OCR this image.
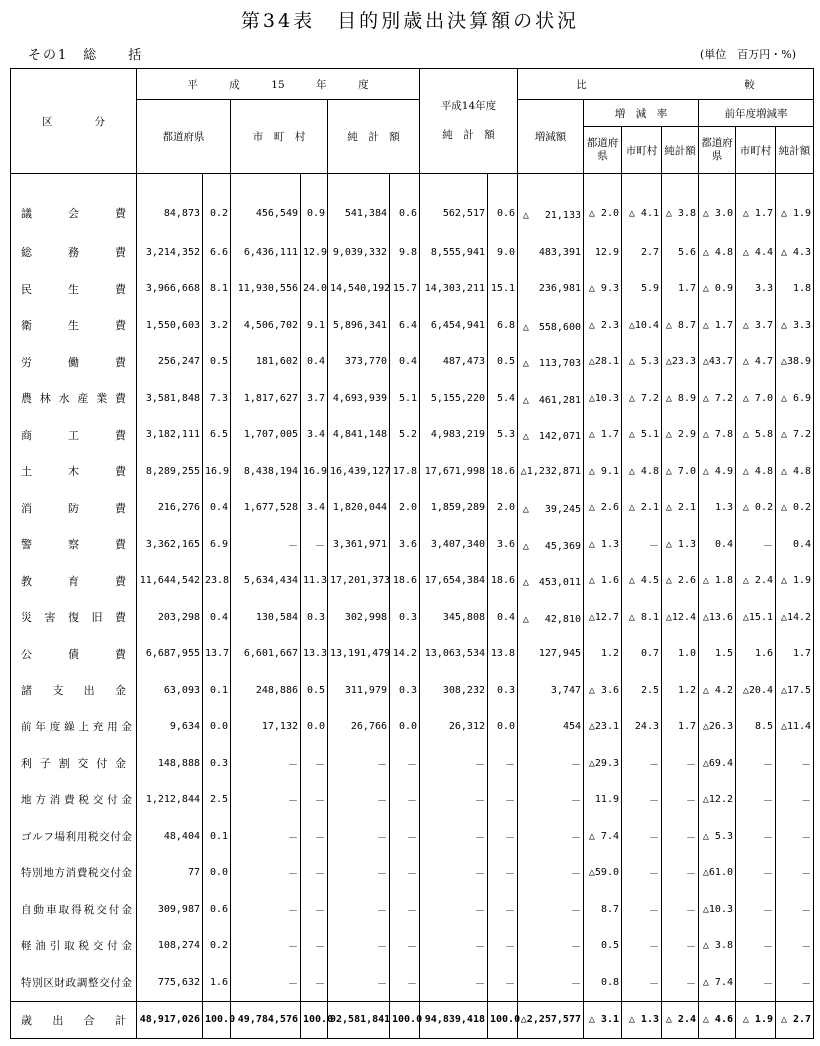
第34表　目的別歳出決算額の状況
その1　総　　括	(単位　百万円・%)
区　　　　分	平　　　成　　　15　　　年　　　度						平成14年度
純　計　額		比　　　　　　　　　　　　　　　較						
	都道府県		市　町　村		純　計　額				増減額	増　減　率			前年度増減率		
										都道府県	市町村	純計額	都道府県	市町村	純計額
議会費	84,873	0.2	456,549	0.9	541,384	0.6	562,517	0.6	△　 21,133	△ 2.0	△ 4.1	△ 3.8	△ 3.0	△ 1.7	△ 1.9
総務費	3,214,352	6.6	6,436,111	12.9	9,039,332	9.8	8,555,941	9.0	483,391	12.9	2.7	5.6	△ 4.8	△ 4.4	△ 4.3
民生費	3,966,668	8.1	11,930,556	24.0	14,540,192	15.7	14,303,211	15.1	236,981	△ 9.3	5.9	1.7	△ 0.9	3.3	1.8
衛生費	1,550,603	3.2	4,506,702	9.1	5,896,341	6.4	6,454,941	6.8	△　558,600	△ 2.3	△10.4	△ 8.7	△ 1.7	△ 3.7	△ 3.3
労働費	256,247	0.5	181,602	0.4	373,770	0.4	487,473	0.5	△　113,703	△28.1	△ 5.3	△23.3	△43.7	△ 4.7	△38.9
農林水産業費	3,581,848	7.3	1,817,627	3.7	4,693,939	5.1	5,155,220	5.4	△　461,281	△10.3	△ 7.2	△ 8.9	△ 7.2	△ 7.0	△ 6.9
商工費	3,182,111	6.5	1,707,005	3.4	4,841,148	5.2	4,983,219	5.3	△　142,071	△ 1.7	△ 5.1	△ 2.9	△ 7.8	△ 5.8	△ 7.2
土木費	8,289,255	16.9	8,438,194	16.9	16,439,127	17.8	17,671,998	18.6	△1,232,871	△ 9.1	△ 4.8	△ 7.0	△ 4.9	△ 4.8	△ 4.8
消防費	216,276	0.4	1,677,528	3.4	1,820,044	2.0	1,859,289	2.0	△　 39,245	△ 2.6	△ 2.1	△ 2.1	1.3	△ 0.2	△ 0.2
警察費	3,362,165	6.9	－	－	3,361,971	3.6	3,407,340	3.6	△　 45,369	△ 1.3	－	△ 1.3	0.4	－	0.4
教育費	11,644,542	23.8	5,634,434	11.3	17,201,373	18.6	17,654,384	18.6	△　453,011	△ 1.6	△ 4.5	△ 2.6	△ 1.8	△ 2.4	△ 1.9
災害復旧費	203,298	0.4	130,584	0.3	302,998	0.3	345,808	0.4	△　 42,810	△12.7	△ 8.1	△12.4	△13.6	△15.1	△14.2
公債費	6,687,955	13.7	6,601,667	13.3	13,191,479	14.2	13,063,534	13.8	127,945	1.2	0.7	1.0	1.5	1.6	1.7
諸支出金	63,093	0.1	248,886	0.5	311,979	0.3	308,232	0.3	3,747	△ 3.6	2.5	1.2	△ 4.2	△20.4	△17.5
前年度繰上充用金	9,634	0.0	17,132	0.0	26,766	0.0	26,312	0.0	454	△23.1	24.3	1.7	△26.3	8.5	△11.4
利子割交付金	148,888	0.3	－	－	－	－	－	－	－	△29.3	－	－	△69.4	－	－
地方消費税交付金	1,212,844	2.5	－	－	－	－	－	－	－	11.9	－	－	△12.2	－	－
ゴルフ場利用税交付金	48,404	0.1	－	－	－	－	－	－	－	△ 7.4	－	－	△ 5.3	－	－
特別地方消費税交付金	77	0.0	－	－	－	－	－	－	－	△59.0	－	－	△61.0	－	－
自動車取得税交付金	309,987	0.6	－	－	－	－	－	－	－	8.7	－	－	△10.3	－	－
軽油引取税交付金	108,274	0.2	－	－	－	－	－	－	－	0.5	－	－	△ 3.8	－	－
特別区財政調整交付金	775,632	1.6	－	－	－	－	－	－	－	0.8	－	－	△ 7.4	－	－
歳出合計	48,917,026	100.0	49,784,576	100.0	92,581,841	100.0	94,839,418	100.0	△2,257,577	△ 3.1	△ 1.3	△ 2.4	△ 4.6	△ 1.9	△ 2.7
